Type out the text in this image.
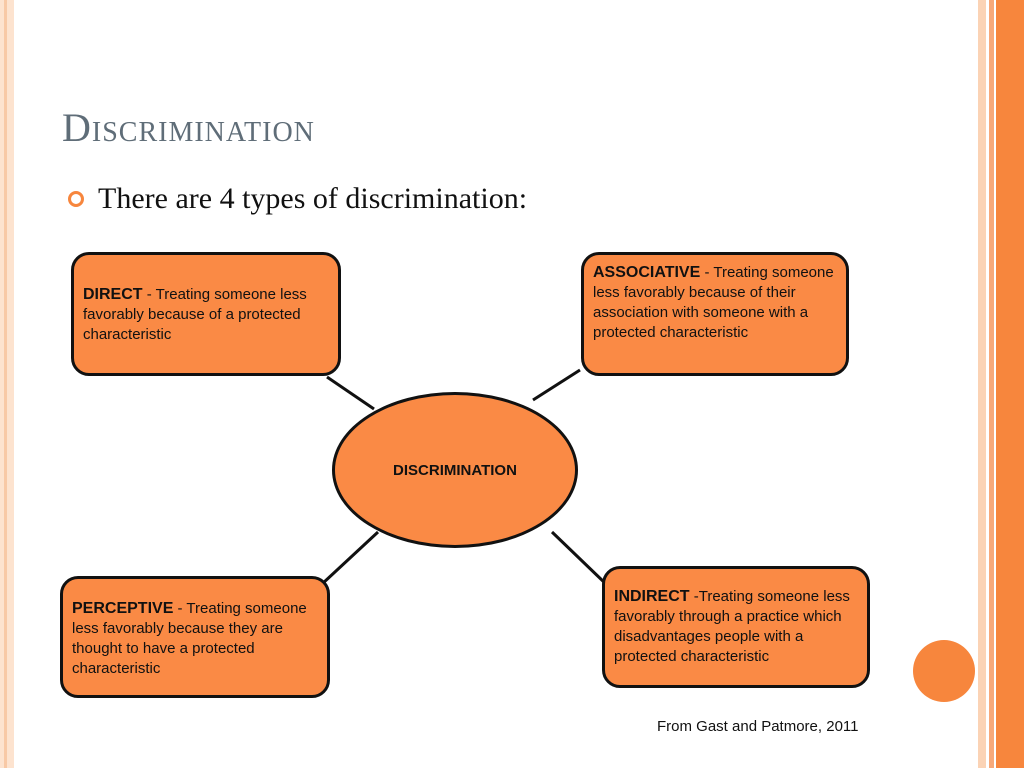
Discrimination
There are 4 types of discrimination:
DIRECT - Treating someone less favorably because of a protected characteristic
ASSOCIATIVE - Treating someone less favorably because of their association with someone with a protected characteristic
DISCRIMINATION
PERCEPTIVE - Treating someone less favorably because they are thought to have a protected characteristic
INDIRECT -Treating someone less favorably through a practice which disadvantages people with a protected characteristic
From Gast and Patmore, 2011
